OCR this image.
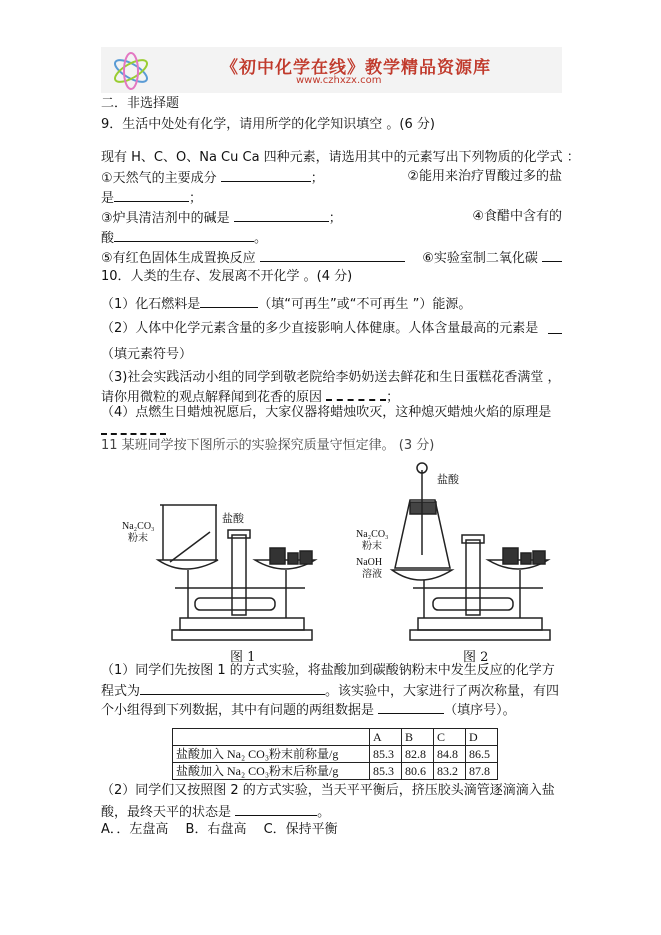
《初中化学在线》教学精品资源库
www.czhxzx.com
二．非选择题
9．生活中处处有化学，请用所学的化学知识填空 。(6 分)
现有 H、C、O、Na Cu Ca 四种元素，请选用其中的元素写出下列物质的化学式 ：
①天然气的主要成分	；	②能用来治疗胃酸过多的盐
是	；
③炉具清洁剂中的碱是	；	④食醋中含有的
酸	。
⑤有红色固体生成置换反应	⑥实验室制二氧化碳
10．人类的生存、发展离不开化学 。(4 分)
（1）化石燃料是	（填“可再生”或“不可再生 ”）能源。
（2）人体中化学元素含量的多少直接影响人体健康。人体含量最高的元素是
（填元素符号）
（3)社会实践活动小组的同学到敬老院给李奶奶送去鲜花和生日蛋糕花香满堂 ，
请你用微粒的观点解释闻到花香的原因	；
（4）点燃生日蜡烛祝愿后，大家仪器将蜡烛吹灭，这种熄灭蜡烛火焰的原理是
11 某班同学按下图所示的实验探究质量守恒定律。 (3 分)
Na₂CO₃
粉末
盐酸
盐酸
Na₂CO₃
粉末
NaOH
溶液
图 1	图 2
（1）同学们先按图 1 的方式实验，将盐酸加到碳酸钠粉末中发生反应的化学方
程式为	。该实验中，大家进行了两次称量，有四
个小组得到下列数据，其中有问题的两组数据是	（填序号）。
	A	B	C	D
盐酸加入 Na₂ CO₃粉末前称量/g	85.3	82.8	84.8	86.5
盐酸加入 Na₂ CO₃粉末后称量/g	85.3	80.6	83.2	87.8
（2）同学们又按照图 2 的方式实验，当天平平衡后，挤压胶头滴管逐滴滴入盐
酸，最终天平的状态是	。
A．．左盘高　 B．右盘高　 C．保持平衡
